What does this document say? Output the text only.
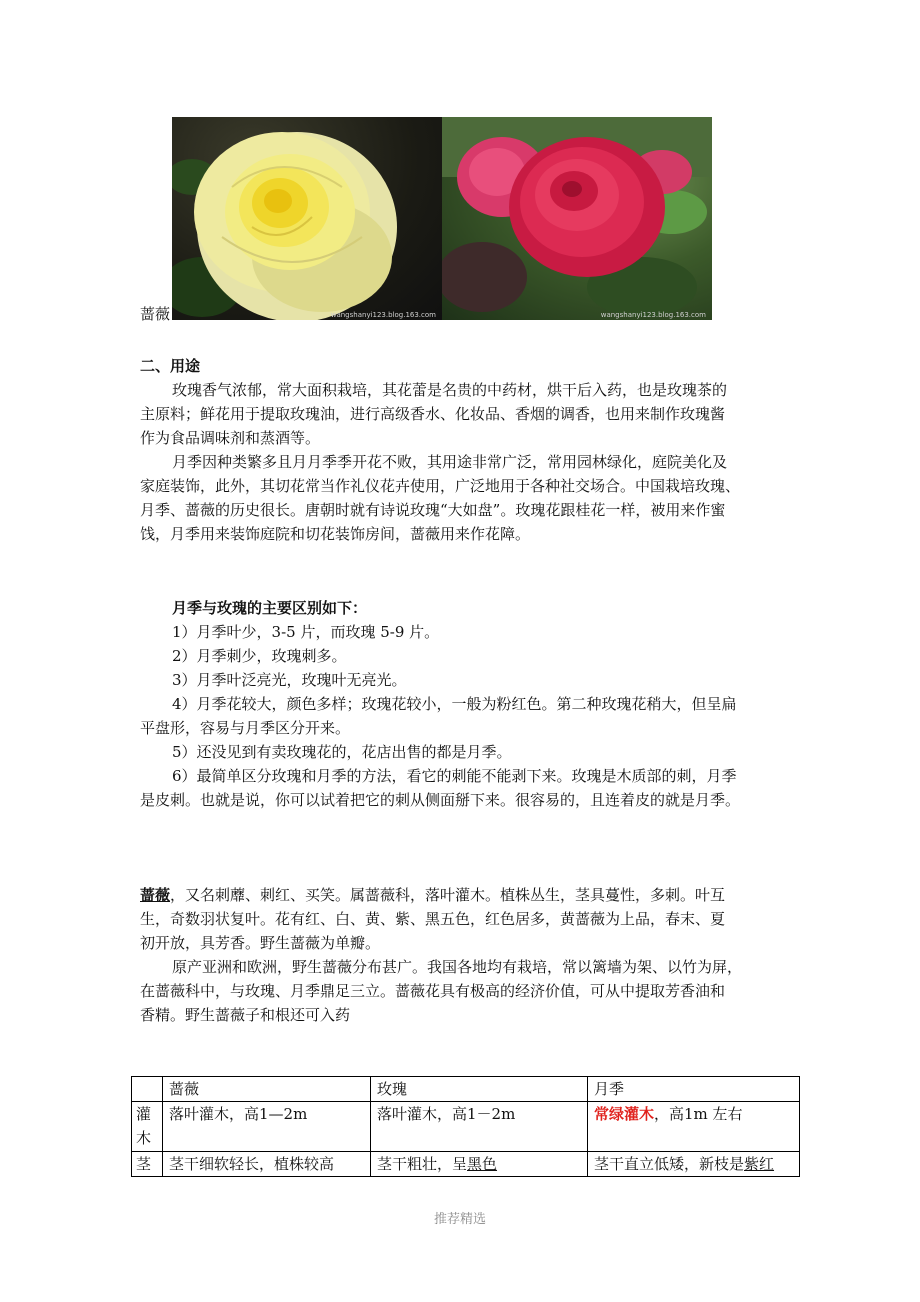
蔷薇	wangshanyi123.blog.163.com	wangshanyi123.blog.163.com
二、用途
玫瑰香气浓郁，常大面积栽培，其花蕾是名贵的中药材，烘干后入药，也是玫瑰茶的
主原料；鲜花用于提取玫瑰油，进行高级香水、化妆品、香烟的调香，也用来制作玫瑰酱
作为食品调味剂和蒸酒等。
月季因种类繁多且月月季季开花不败，其用途非常广泛，常用园林绿化，庭院美化及
家庭装饰，此外，其切花常当作礼仪花卉使用，广泛地用于各种社交场合。中国栽培玫瑰、
月季、蔷薇的历史很长。唐朝时就有诗说玫瑰“大如盘”。玫瑰花跟桂花一样，被用来作蜜
饯，月季用来装饰庭院和切花装饰房间，蔷薇用来作花障。
月季与玫瑰的主要区别如下：
1）月季叶少，3-5 片，而玫瑰 5-9 片。
2）月季刺少，玫瑰刺多。
3）月季叶泛亮光，玫瑰叶无亮光。
4）月季花较大，颜色多样；玫瑰花较小，一般为粉红色。第二种玫瑰花稍大，但呈扁
平盘形，容易与月季区分开来。
5）还没见到有卖玫瑰花的，花店出售的都是月季。
6）最简单区分玫瑰和月季的方法，看它的刺能不能剥下来。玫瑰是木质部的刺，月季
是皮刺。也就是说，你可以试着把它的刺从侧面掰下来。很容易的，且连着皮的就是月季。
蔷薇，又名刺蘼、刺红、买笑。属蔷薇科，落叶灌木。植株丛生，茎具蔓性，多刺。叶互
生，奇数羽状复叶。花有红、白、黄、紫、黑五色，红色居多，黄蔷薇为上品，春末、夏
初开放，具芳香。野生蔷薇为单瓣。
原产亚洲和欧洲，野生蔷薇分布甚广。我国各地均有栽培，常以篱墙为架、以竹为屏，
在蔷薇科中，与玫瑰、月季鼎足三立。蔷薇花具有极高的经济价值，可从中提取芳香油和
香精。野生蔷薇子和根还可入药
	蔷薇	玫瑰	月季
灌木	落叶灌木，高1—2m	落叶灌木，高1－2m	常绿灌木，高1m 左右
茎	茎干细软轻长，植株较高	茎干粗壮，呈黑色	茎干直立低矮，新枝是紫红
推荐精选
